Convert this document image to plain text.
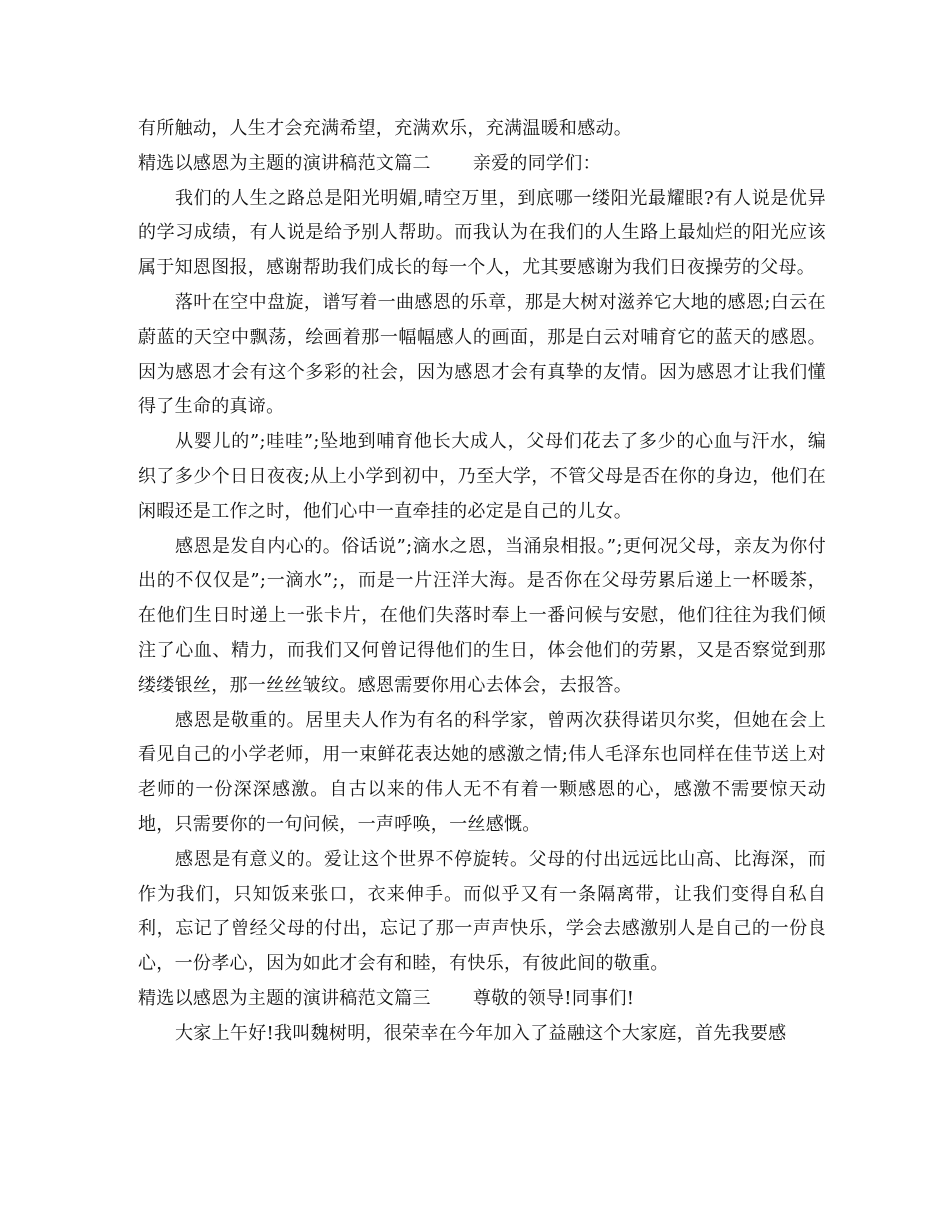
有所触动，人生才会充满希望，充满欢乐，充满温暖和感动。

精选以感恩为主题的演讲稿范文篇二 亲爱的同学们：

我们的人生之路总是阳光明媚,晴空万里，到底哪一缕阳光最耀眼?有人说是优异的学习成绩，有人说是给予别人帮助。而我认为在我们的人生路上最灿烂的阳光应该属于知恩图报，感谢帮助我们成长的每一个人，尤其要感谢为我们日夜操劳的父母。

落叶在空中盘旋，谱写着一曲感恩的乐章，那是大树对滋养它大地的感恩;白云在蔚蓝的天空中飘荡，绘画着那一幅幅感人的画面，那是白云对哺育它的蓝天的感恩。因为感恩才会有这个多彩的社会，因为感恩才会有真挚的友情。因为感恩才让我们懂得了生命的真谛。

从婴儿的”;哇哇”;坠地到哺育他长大成人，父母们花去了多少的心血与汗水，编织了多少个日日夜夜;从上小学到初中，乃至大学，不管父母是否在你的身边，他们在闲暇还是工作之时，他们心中一直牵挂的必定是自己的儿女。

感恩是发自内心的。俗话说”;滴水之恩，当涌泉相报。”;更何况父母，亲友为你付出的不仅仅是”;一滴水”;，而是一片汪洋大海。是否你在父母劳累后递上一杯暖茶，在他们生日时递上一张卡片，在他们失落时奉上一番问候与安慰，他们往往为我们倾注了心血、精力，而我们又何曾记得他们的生日，体会他们的劳累，又是否察觉到那缕缕银丝，那一丝丝皱纹。感恩需要你用心去体会，去报答。

感恩是敬重的。居里夫人作为有名的科学家，曾两次获得诺贝尔奖，但她在会上看见自己的小学老师，用一束鲜花表达她的感激之情;伟人毛泽东也同样在佳节送上对老师的一份深深感激。自古以来的伟人无不有着一颗感恩的心，感激不需要惊天动地，只需要你的一句问候，一声呼唤，一丝感慨。

感恩是有意义的。爱让这个世界不停旋转。父母的付出远远比山高、比海深，而作为我们，只知饭来张口，衣来伸手。而似乎又有一条隔离带，让我们变得自私自利，忘记了曾经父母的付出，忘记了那一声声快乐，学会去感激别人是自己的一份良心，一份孝心，因为如此才会有和睦，有快乐，有彼此间的敬重。

精选以感恩为主题的演讲稿范文篇三 尊敬的领导!同事们!

大家上午好!我叫魏树明，很荣幸在今年加入了益融这个大家庭，首先我要感
